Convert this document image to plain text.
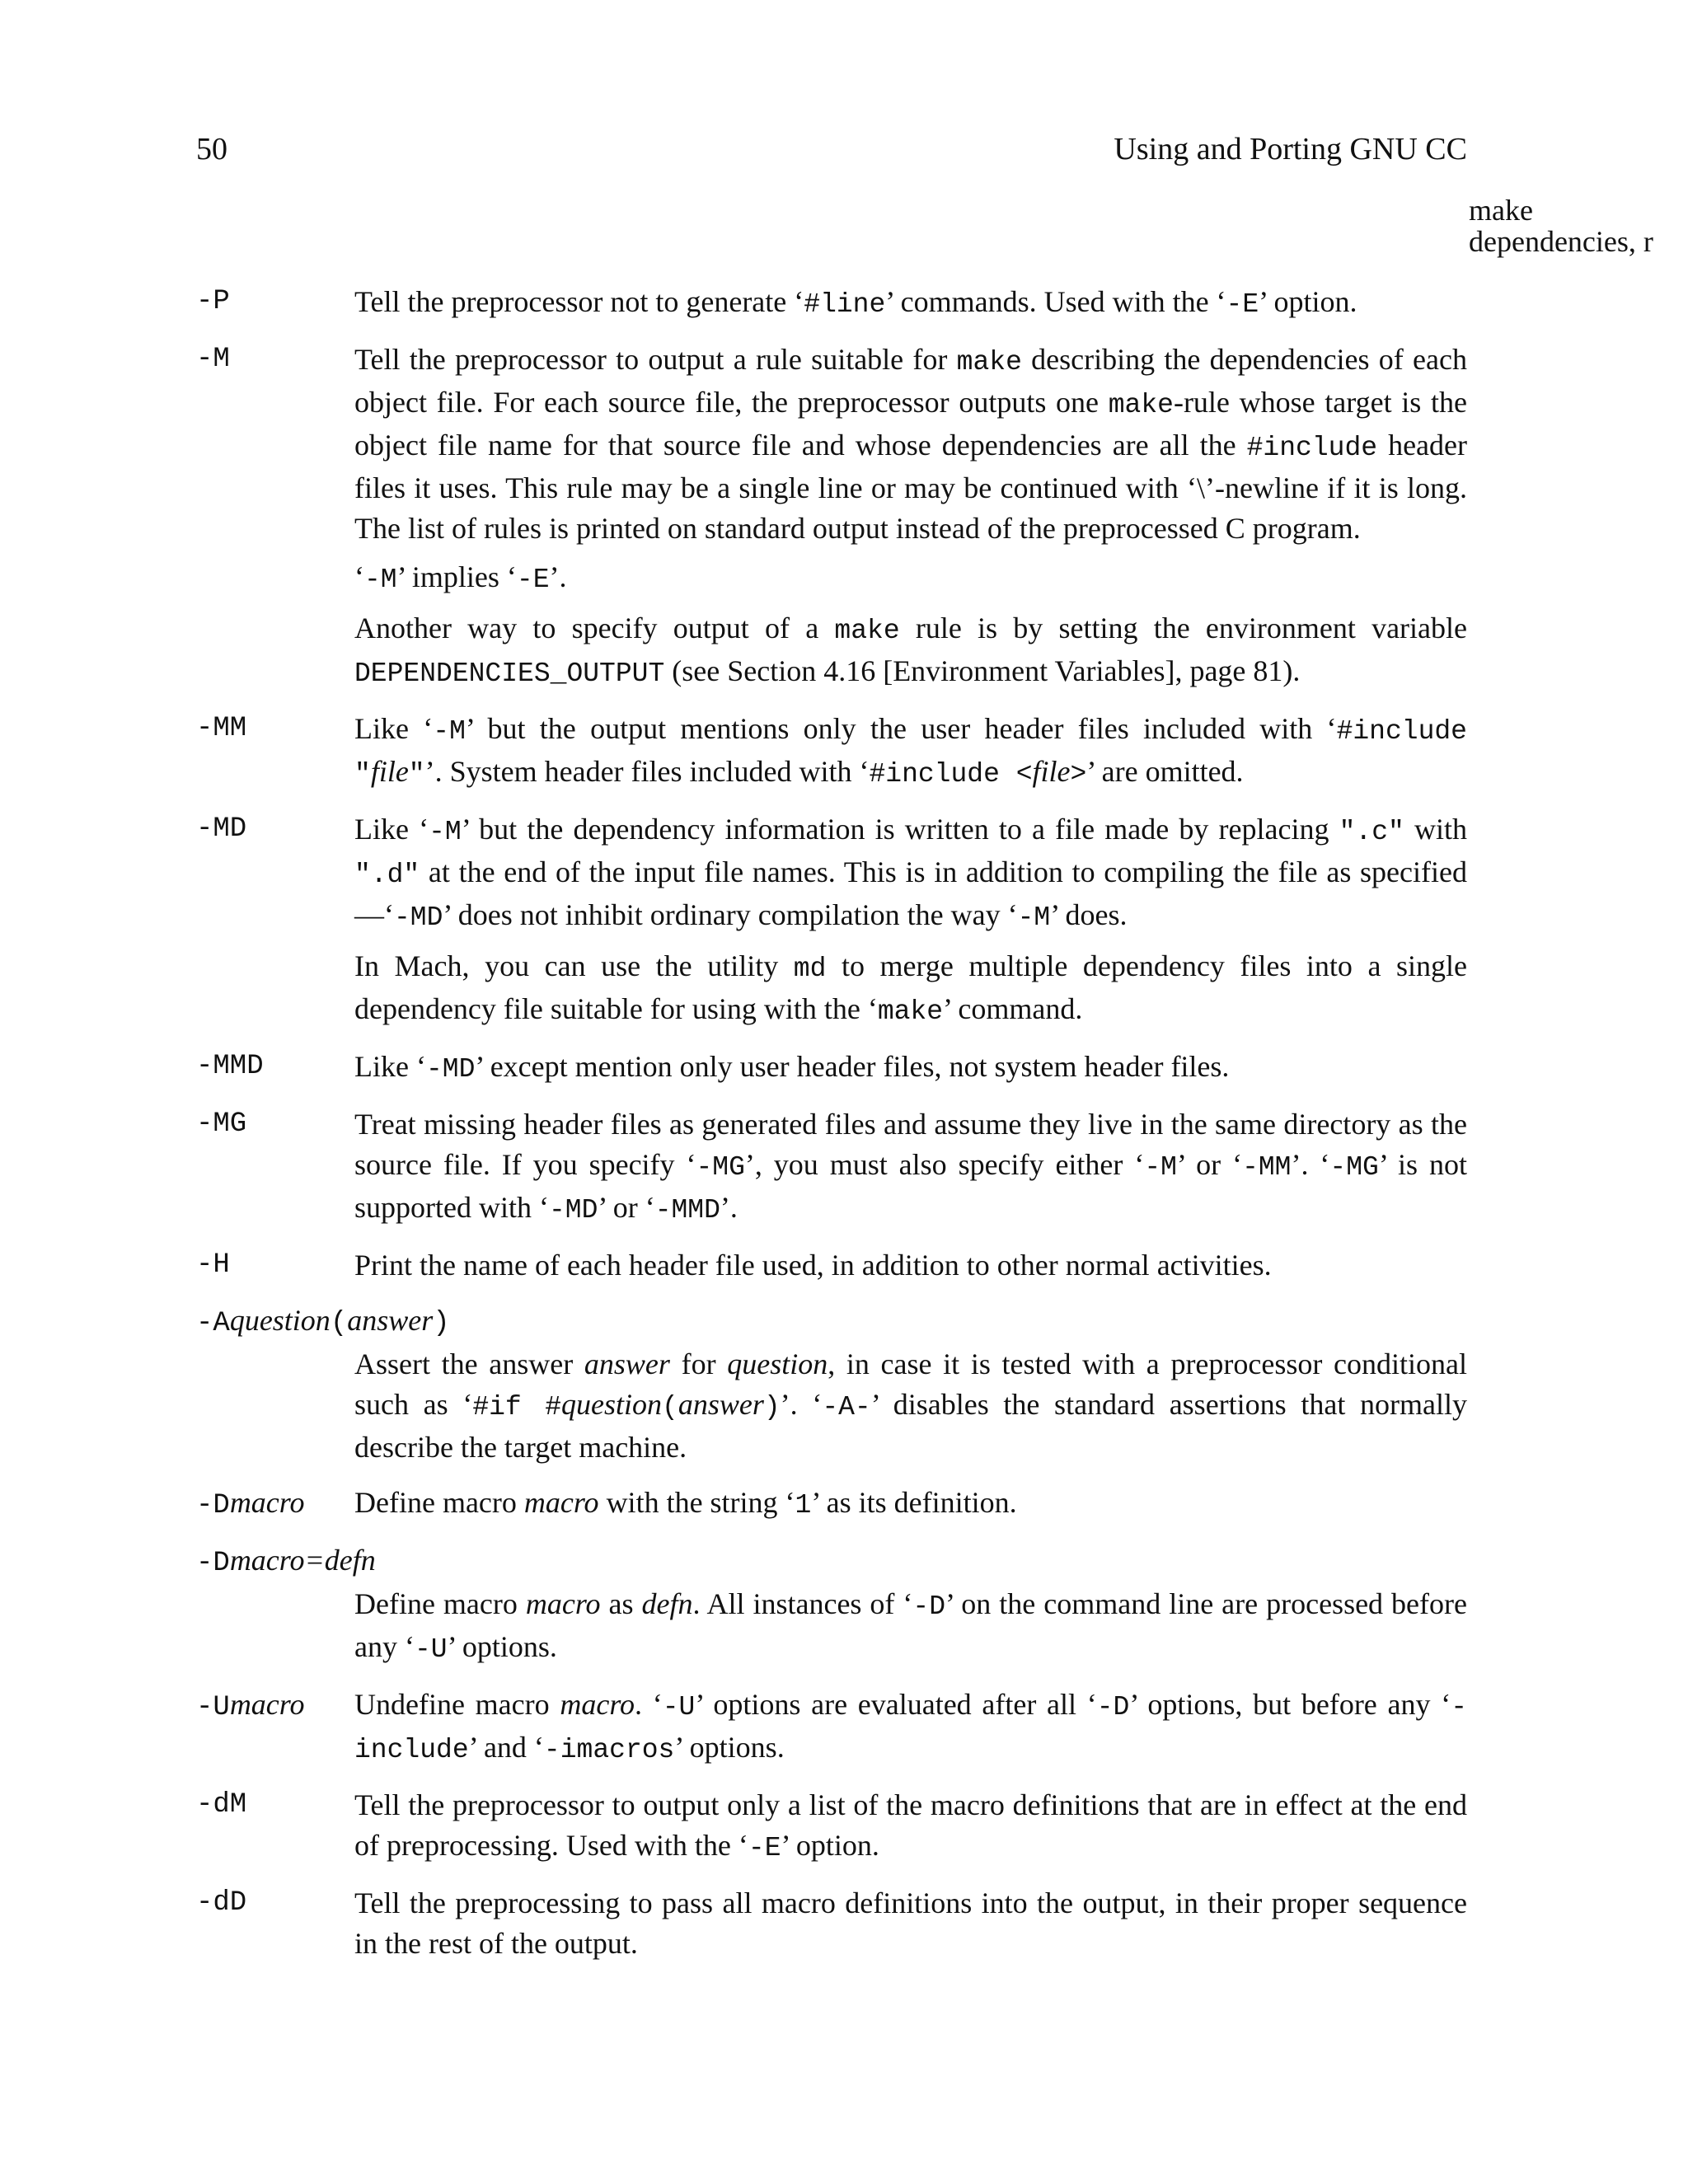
50	Using and Porting GNU CC
make
dependencies, r
-P	Tell the preprocessor not to generate ‘#line’ commands. Used with the ‘-E’ option.

-M	Tell the preprocessor to output a rule suitable for make describing the dependencies of each object file. For each source file, the preprocessor outputs one make-rule whose target is the object file name for that source file and whose dependencies are all the #include header files it uses. This rule may be a single line or may be continued with ‘\’-newline if it is long. The list of rules is printed on standard output instead of the preprocessed C program.

‘-M’ implies ‘-E’.

Another way to specify output of a make rule is by setting the environment variable DEPENDENCIES_OUTPUT (see Section 4.16 [Environment Variables], page 81).

-MM	Like ‘-M’ but the output mentions only the user header files included with ‘#include "file"’. System header files included with ‘#include <file>’ are omitted.

-MD	Like ‘-M’ but the dependency information is written to a file made by replacing ".c" with ".d" at the end of the input file names. This is in addition to compiling the file as specified—‘-MD’ does not inhibit ordinary compilation the way ‘-M’ does.

In Mach, you can use the utility md to merge multiple dependency files into a single dependency file suitable for using with the ‘make’ command.

-MMD	Like ‘-MD’ except mention only user header files, not system header files.

-MG	Treat missing header files as generated files and assume they live in the same directory as the source file. If you specify ‘-MG’, you must also specify either ‘-M’ or ‘-MM’. ‘-MG’ is not supported with ‘-MD’ or ‘-MMD’.

-H	Print the name of each header file used, in addition to other normal activities.

-Aquestion(answer)

Assert the answer answer for question, in case it is tested with a preprocessor conditional such as ‘#if #question(answer)’. ‘-A-’ disables the standard assertions that normally describe the target machine.

-Dmacro Define macro macro with the string ‘1’ as its definition.

-Dmacro=defn

Define macro macro as defn. All instances of ‘-D’ on the command line are processed before any ‘-U’ options.

-Umacro Undefine macro macro. ‘-U’ options are evaluated after all ‘-D’ options, but before any ‘-include’ and ‘-imacros’ options.

-dM	Tell the preprocessor to output only a list of the macro definitions that are in effect at the end of preprocessing. Used with the ‘-E’ option.

-dD	Tell the preprocessing to pass all macro definitions into the output, in their proper sequence in the rest of the output.
